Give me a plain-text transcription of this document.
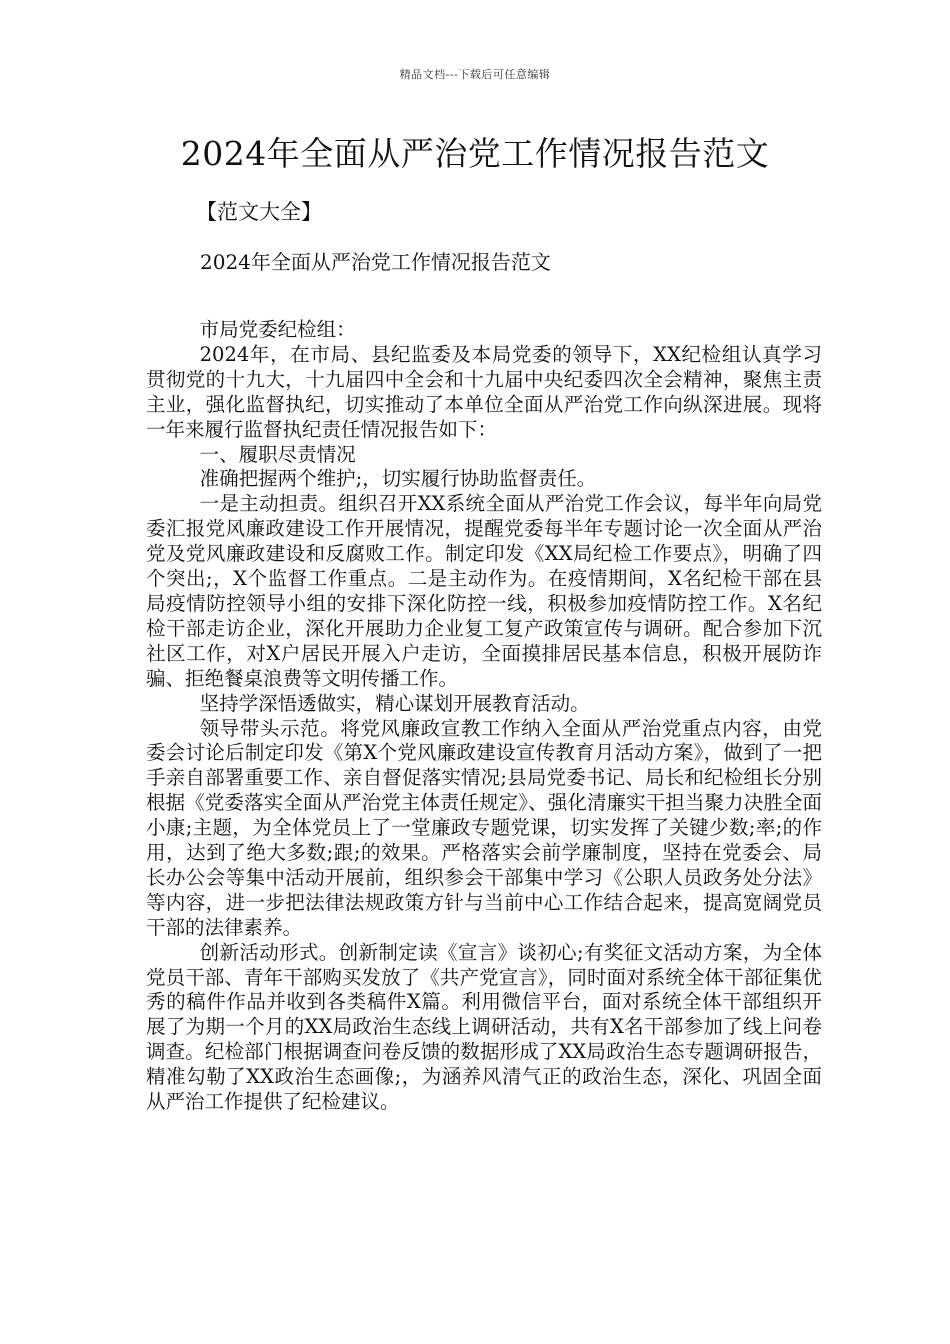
精品文档---下载后可任意编辑
2024年全面从严治党工作情况报告范文
【范文大全】
2024年全面从严治党工作情况报告范文

市局党委纪检组：

2024年，在市局、县纪监委及本局党委的领导下，XX纪检组认真学习贯彻党的十九大，十九届四中全会和十九届中央纪委四次全会精神，聚焦主责主业，强化监督执纪，切实推动了本单位全面从严治党工作向纵深进展。现将一年来履行监督执纪责任情况报告如下：

一、履职尽责情况

准确把握两个维护;，切实履行协助监督责任。

一是主动担责。组织召开XX系统全面从严治党工作会议，每半年向局党委汇报党风廉政建设工作开展情况，提醒党委每半年专题讨论一次全面从严治党及党风廉政建设和反腐败工作。制定印发《XX局纪检工作要点》，明确了四个突出;，X个监督工作重点。二是主动作为。在疫情期间，X名纪检干部在县局疫情防控领导小组的安排下深化防控一线，积极参加疫情防控工作。X名纪检干部走访企业，深化开展助力企业复工复产政策宣传与调研。配合参加下沉社区工作，对X户居民开展入户走访，全面摸排居民基本信息，积极开展防诈骗、拒绝餐桌浪费等文明传播工作。

坚持学深悟透做实，精心谋划开展教育活动。

领导带头示范。将党风廉政宣教工作纳入全面从严治党重点内容，由党委会讨论后制定印发《第X个党风廉政建设宣传教育月活动方案》，做到了一把手亲自部署重要工作、亲自督促落实情况;县局党委书记、局长和纪检组长分别根据《党委落实全面从严治党主体责任规定》、强化清廉实干担当聚力决胜全面小康;主题，为全体党员上了一堂廉政专题党课，切实发挥了关键少数;率;的作用，达到了绝大多数;跟;的效果。严格落实会前学廉制度，坚持在党委会、局长办公会等集中活动开展前，组织参会干部集中学习《公职人员政务处分法》等内容，进一步把法律法规政策方针与当前中心工作结合起来，提高宽阔党员干部的法律素养。

创新活动形式。创新制定读《宣言》谈初心;有奖征文活动方案，为全体党员干部、青年干部购买发放了《共产党宣言》，同时面对系统全体干部征集优秀的稿件作品并收到各类稿件X篇。利用微信平台，面对系统全体干部组织开展了为期一个月的XX局政治生态线上调研活动，共有X名干部参加了线上问卷调查。纪检部门根据调查问卷反馈的数据形成了XX局政治生态专题调研报告，精准勾勒了XX政治生态画像;，为涵养风清气正的政治生态，深化、巩固全面从严治工作提供了纪检建议。
